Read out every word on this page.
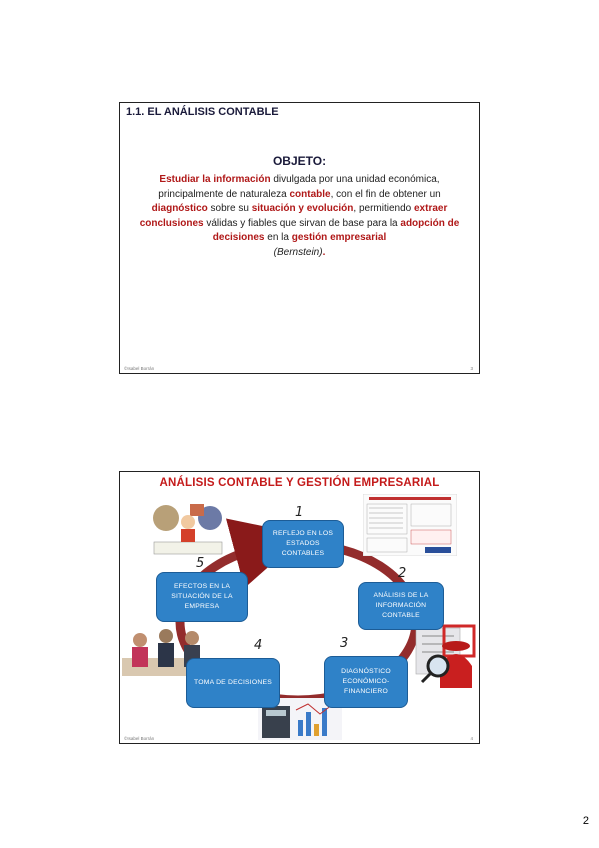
1.1. EL ANÁLISIS CONTABLE
OBJETO:
Estudiar la información divulgada por una unidad económica, principalmente de naturaleza contable, con el fin de obtener un diagnóstico sobre su situación y evolución, permitiendo extraer conclusiones válidas y fiables que sirvan de base para la adopción de decisiones en la gestión empresarial
(Bernstein).
©Isabel Borrán	3
ANÁLISIS CONTABLE Y GESTIÓN EMPRESARIAL
REFLEJO EN LOS ESTADOS CONTABLES
ANÁLISIS DE LA INFORMACIÓN CONTABLE
DIAGNÓSTICO ECONÓMICO-FINANCIERO
TOMA DE DECISIONES
EFECTOS EN LA SITUACIÓN DE LA EMPRESA
1
2
3
4
5
©Isabel Borrán	4
2
